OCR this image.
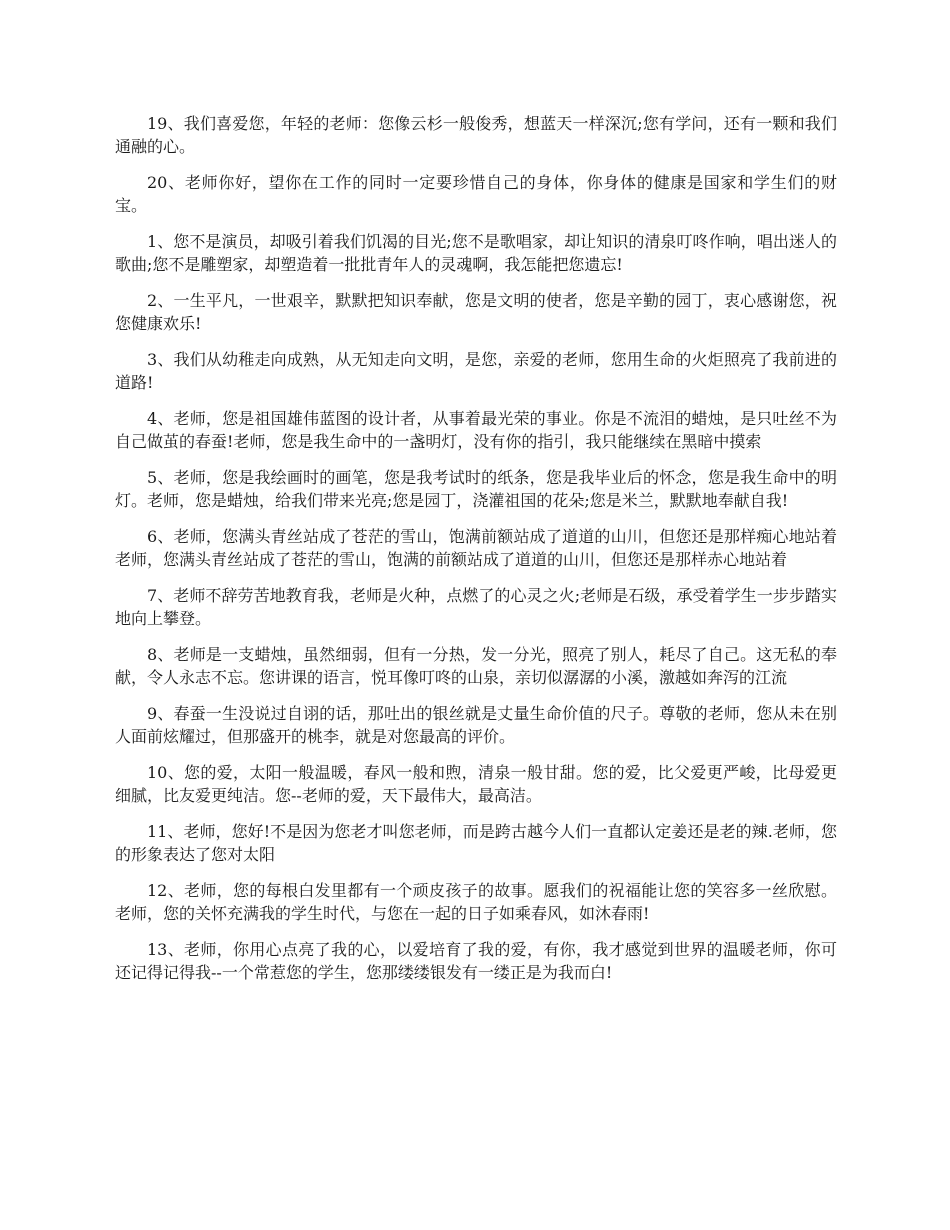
19、我们喜爱您，年轻的老师：您像云杉一般俊秀，想蓝天一样深沉;您有学问，还有一颗和我们通融的心。

20、老师你好，望你在工作的同时一定要珍惜自己的身体，你身体的健康是国家和学生们的财宝。

1、您不是演员，却吸引着我们饥渴的目光;您不是歌唱家，却让知识的清泉叮咚作响，唱出迷人的歌曲;您不是雕塑家，却塑造着一批批青年人的灵魂啊，我怎能把您遗忘!

2、一生平凡，一世艰辛，默默把知识奉献，您是文明的使者，您是辛勤的园丁，衷心感谢您，祝您健康欢乐!

3、我们从幼稚走向成熟，从无知走向文明，是您，亲爱的老师，您用生命的火炬照亮了我前进的道路!

4、老师，您是祖国雄伟蓝图的设计者，从事着最光荣的事业。你是不流泪的蜡烛，是只吐丝不为自己做茧的春蚕!老师，您是我生命中的一盏明灯，没有你的指引，我只能继续在黑暗中摸索

5、老师，您是我绘画时的画笔，您是我考试时的纸条，您是我毕业后的怀念，您是我生命中的明灯。老师，您是蜡烛，给我们带来光亮;您是园丁，浇灌祖国的花朵;您是米兰，默默地奉献自我!

6、老师，您满头青丝站成了苍茫的雪山，饱满前额站成了道道的山川，但您还是那样痴心地站着老师，您满头青丝站成了苍茫的雪山，饱满的前额站成了道道的山川，但您还是那样赤心地站着

7、老师不辞劳苦地教育我，老师是火种，点燃了的心灵之火;老师是石级，承受着学生一步步踏实地向上攀登。

8、老师是一支蜡烛，虽然细弱，但有一分热，发一分光，照亮了别人，耗尽了自己。这无私的奉献，令人永志不忘。您讲课的语言，悦耳像叮咚的山泉，亲切似潺潺的小溪，激越如奔泻的江流

9、春蚕一生没说过自诩的话，那吐出的银丝就是丈量生命价值的尺子。尊敬的老师，您从未在别人面前炫耀过，但那盛开的桃李，就是对您最高的评价。

10、您的爱，太阳一般温暖，春风一般和煦，清泉一般甘甜。您的爱，比父爱更严峻，比母爱更细腻，比友爱更纯洁。您--老师的爱，天下最伟大，最高洁。

11、老师，您好!不是因为您老才叫您老师，而是跨古越今人们一直都认定姜还是老的辣.老师，您的形象表达了您对太阳

12、老师，您的每根白发里都有一个顽皮孩子的故事。愿我们的祝福能让您的笑容多一丝欣慰。老师，您的关怀充满我的学生时代，与您在一起的日子如乘春风，如沐春雨!

13、老师，你用心点亮了我的心，以爱培育了我的爱，有你，我才感觉到世界的温暖老师，你可还记得记得我--一个常惹您的学生，您那缕缕银发有一缕正是为我而白!
